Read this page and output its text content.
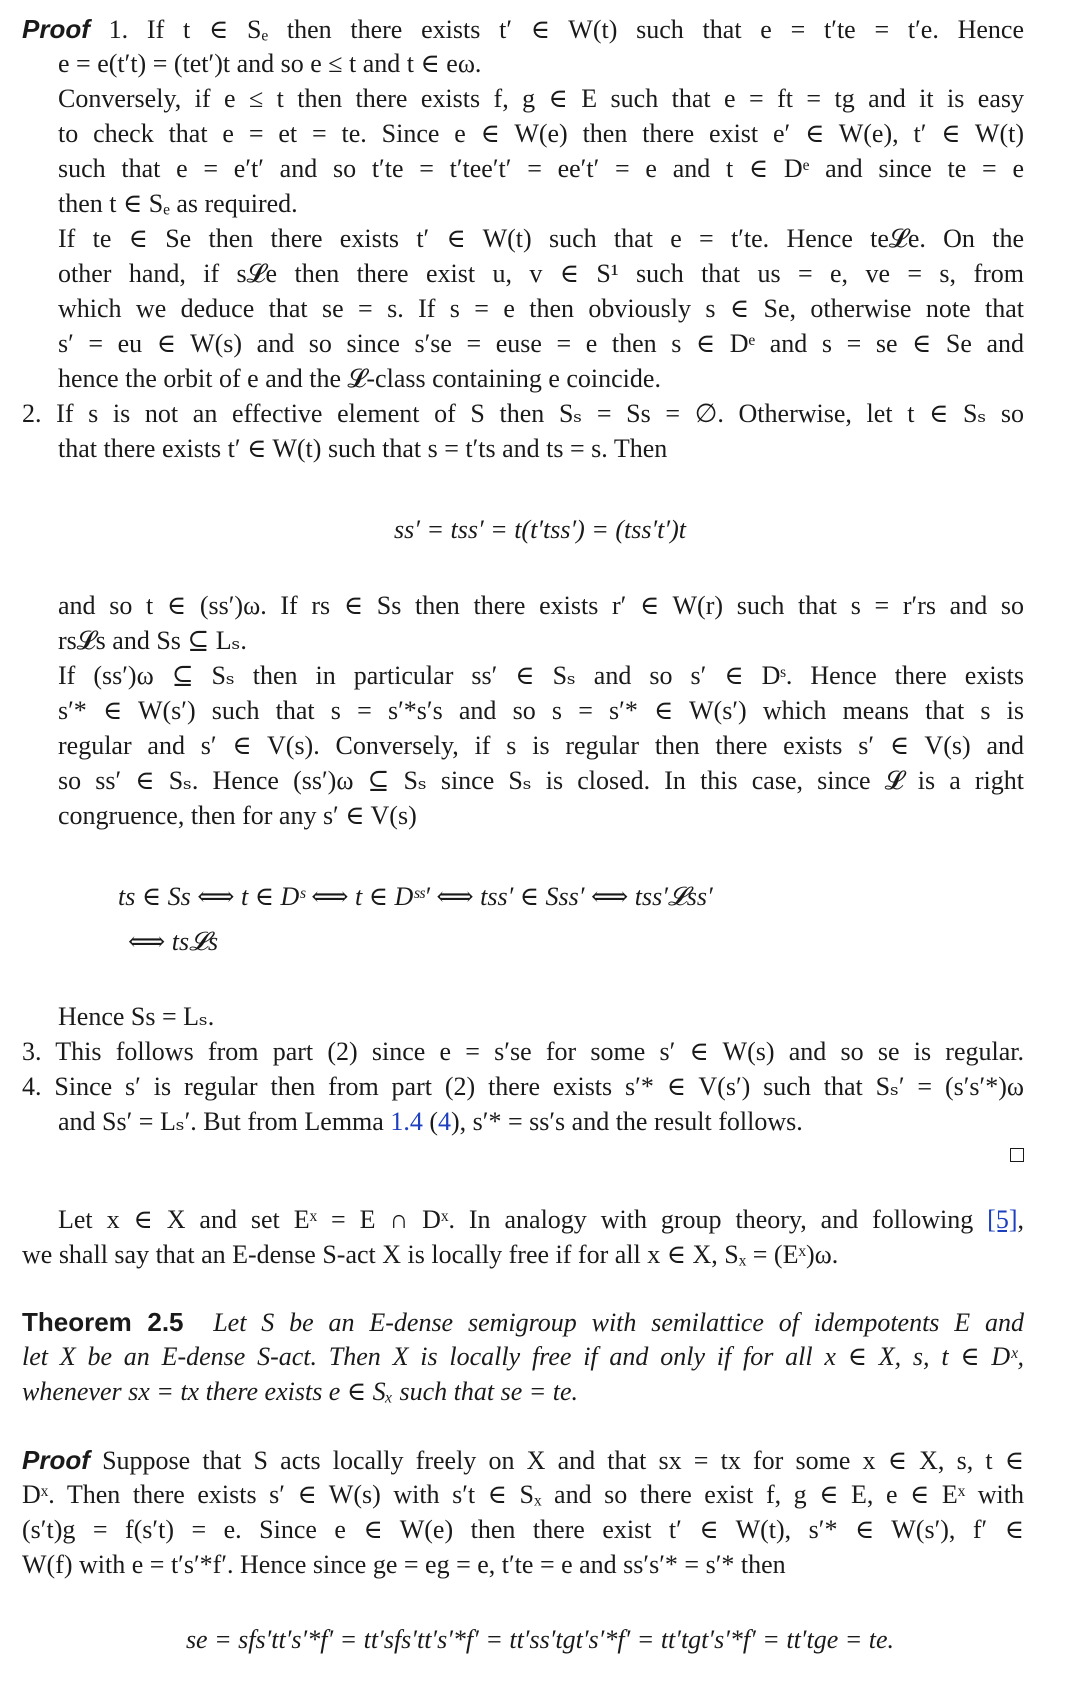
Proof 1. If t ∈ Sₑ then there exists t′ ∈ W(t) such that e = t′te = t′e. Hence
e = e(t′t) = (tet′)t and so e ≤ t and t ∈ eω.
Conversely, if e ≤ t then there exists f, g ∈ E such that e = ft = tg and it is easy
to check that e = et = te. Since e ∈ W(e) then there exist e′ ∈ W(e), t′ ∈ W(t)
such that e = e′t′ and so t′te = t′tee′t′ = ee′t′ = e and t ∈ Dᵉ and since te = e
then t ∈ Sₑ as required.
If te ∈ Se then there exists t′ ∈ W(t) such that e = t′te. Hence te𝓛e. On the
other hand, if s𝓛e then there exist u, v ∈ S¹ such that us = e, ve = s, from
which we deduce that se = s. If s = e then obviously s ∈ Se, otherwise note that
s′ = eu ∈ W(s) and so since s′se = euse = e then s ∈ Dᵉ and s = se ∈ Se and
hence the orbit of e and the 𝓛-class containing e coincide.
2. If s is not an effective element of S then Sₛ = Ss = ∅. Otherwise, let t ∈ Sₛ so
that there exists t′ ∈ W(t) such that s = t′ts and ts = s. Then
ss′ = tss′ = t(t′tss′) = (tss′t′)t
and so t ∈ (ss′)ω. If rs ∈ Ss then there exists r′ ∈ W(r) such that s = r′rs and so
rs𝓛s and Ss ⊆ Lₛ.
If (ss′)ω ⊆ Sₛ then in particular ss′ ∈ Sₛ and so s′ ∈ Dˢ. Hence there exists
s′* ∈ W(s′) such that s = s′*s′s and so s = s′* ∈ W(s′) which means that s is
regular and s′ ∈ V(s). Conversely, if s is regular then there exists s′ ∈ V(s) and
so ss′ ∈ Sₛ. Hence (ss′)ω ⊆ Sₛ since Sₛ is closed. In this case, since 𝓛 is a right
congruence, then for any s′ ∈ V(s)
ts ∈ Ss ⟺ t ∈ Dˢ ⟺ t ∈ Dˢˢ′ ⟺ tss′ ∈ Sss′ ⟺ tss′𝓛ss′
⟺ ts𝓛s
Hence Ss = Lₛ.
3. This follows from part (2) since e = s′se for some s′ ∈ W(s) and so se is regular.
4. Since s′ is regular then from part (2) there exists s′* ∈ V(s′) such that Sₛ′ = (s′s′*)ω
and Ss′ = Lₛ′. But from Lemma 1.4 (4), s′* = ss′s and the result follows.
Let x ∈ X and set Eˣ = E ∩ Dˣ. In analogy with group theory, and following [5],
we shall say that an E-dense S-act X is locally free if for all x ∈ X, Sₓ = (Eˣ)ω.
Theorem 2.5 Let S be an E-dense semigroup with semilattice of idempotents E and
let X be an E-dense S-act. Then X is locally free if and only if for all x ∈ X, s, t ∈ Dˣ,
whenever sx = tx there exists e ∈ Sₓ such that se = te.
Proof Suppose that S acts locally freely on X and that sx = tx for some x ∈ X, s, t ∈
Dˣ. Then there exists s′ ∈ W(s) with s′t ∈ Sₓ and so there exist f, g ∈ E, e ∈ Eˣ with
(s′t)g = f(s′t) = e. Since e ∈ W(e) then there exist t′ ∈ W(t), s′* ∈ W(s′), f′ ∈
W(f) with e = t′s′*f′. Hence since ge = eg = e, t′te = e and ss′s′* = s′* then
se = sfs′tt′s′*f′ = tt′sfs′tt′s′*f′ = tt′ss′tgt′s′*f′ = tt′tgt′s′*f′ = tt′tge = te.
